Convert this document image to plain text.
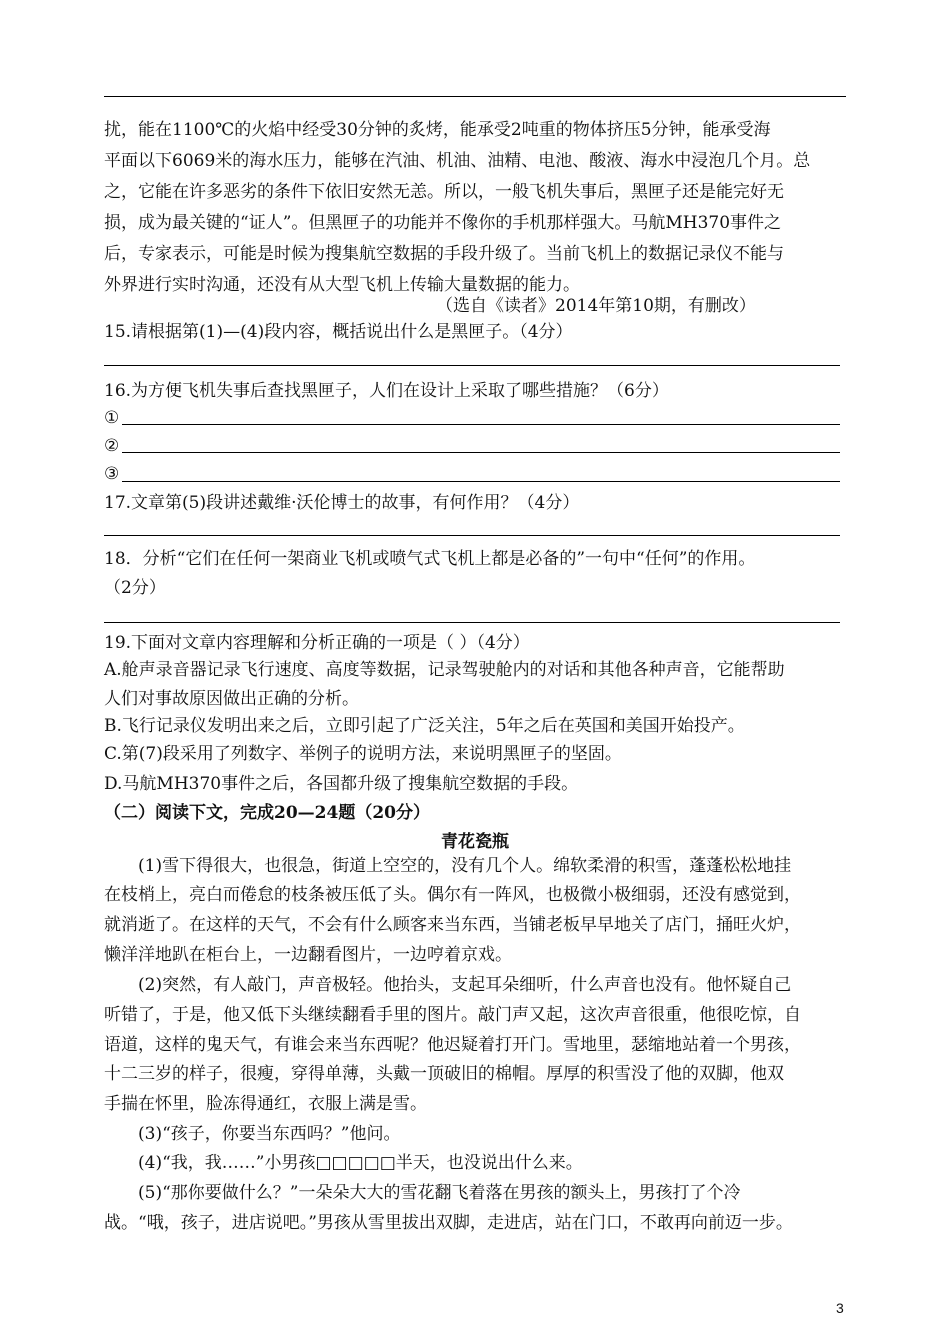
扰，能在1100℃的火焰中经受30分钟的炙烤，能承受2吨重的物体挤压5分钟，能承受海
平面以下6069米的海水压力，能够在汽油、机油、油精、电池、酸液、海水中浸泡几个月。总
之，它能在许多恶劣的条件下依旧安然无恙。所以，一般飞机失事后，黑匣子还是能完好无
损，成为最关键的“证人”。但黑匣子的功能并不像你的手机那样强大。马航MH370事件之
后，专家表示，可能是时候为搜集航空数据的手段升级了。当前飞机上的数据记录仪不能与
外界进行实时沟通，还没有从大型飞机上传输大量数据的能力。
（选自《读者》2014年第10期，有删改）
15.请根据第(1)—(4)段内容，概括说出什么是黑匣子。（4分）
16.为方便飞机失事后查找黑匣子，人们在设计上采取了哪些措施？（6分）
①
②
③
17.文章第(5)段讲述戴维·沃伦博士的故事，有何作用？（4分）
18．分析“它们在任何一架商业飞机或喷气式飞机上都是必备的”一句中“任何”的作用。
（2分）
19.下面对文章内容理解和分析正确的一项是（ ）（4分）
A.舱声录音器记录飞行速度、高度等数据，记录驾驶舱内的对话和其他各种声音，它能帮助
人们对事故原因做出正确的分析。
B.飞行记录仪发明出来之后，立即引起了广泛关注，5年之后在英国和美国开始投产。
C.第(7)段采用了列数字、举例子的说明方法，来说明黑匣子的坚固。
D.马航MH370事件之后，各国都升级了搜集航空数据的手段。
（二）阅读下文，完成20—24题（20分）
青花瓷瓶
(1)雪下得很大，也很急，街道上空空的，没有几个人。绵软柔滑的积雪，蓬蓬松松地挂
在枝梢上，亮白而倦怠的枝条被压低了头。偶尔有一阵风，也极微小极细弱，还没有感觉到，
就消逝了。在这样的天气，不会有什么顾客来当东西，当铺老板早早地关了店门，捅旺火炉，
懒洋洋地趴在柜台上，一边翻看图片，一边哼着京戏。
(2)突然，有人敲门，声音极轻。他抬头，支起耳朵细听，什么声音也没有。他怀疑自己
听错了，于是，他又低下头继续翻看手里的图片。敲门声又起，这次声音很重，他很吃惊，自
语道，这样的鬼天气，有谁会来当东西呢？他迟疑着打开门。雪地里，瑟缩地站着一个男孩，
十二三岁的样子，很瘦，穿得单薄，头戴一顶破旧的棉帽。厚厚的积雪没了他的双脚，他双
手揣在怀里，脸冻得通红，衣服上满是雪。
(3)“孩子，你要当东西吗？”他问。
(4)“我，我……”小男孩□□□□□半天，也没说出什么来。
(5)“那你要做什么？”一朵朵大大的雪花翻飞着落在男孩的额头上，男孩打了个冷
战。“哦，孩子，进店说吧。”男孩从雪里拔出双脚，走进店，站在门口，不敢再向前迈一步。
3
